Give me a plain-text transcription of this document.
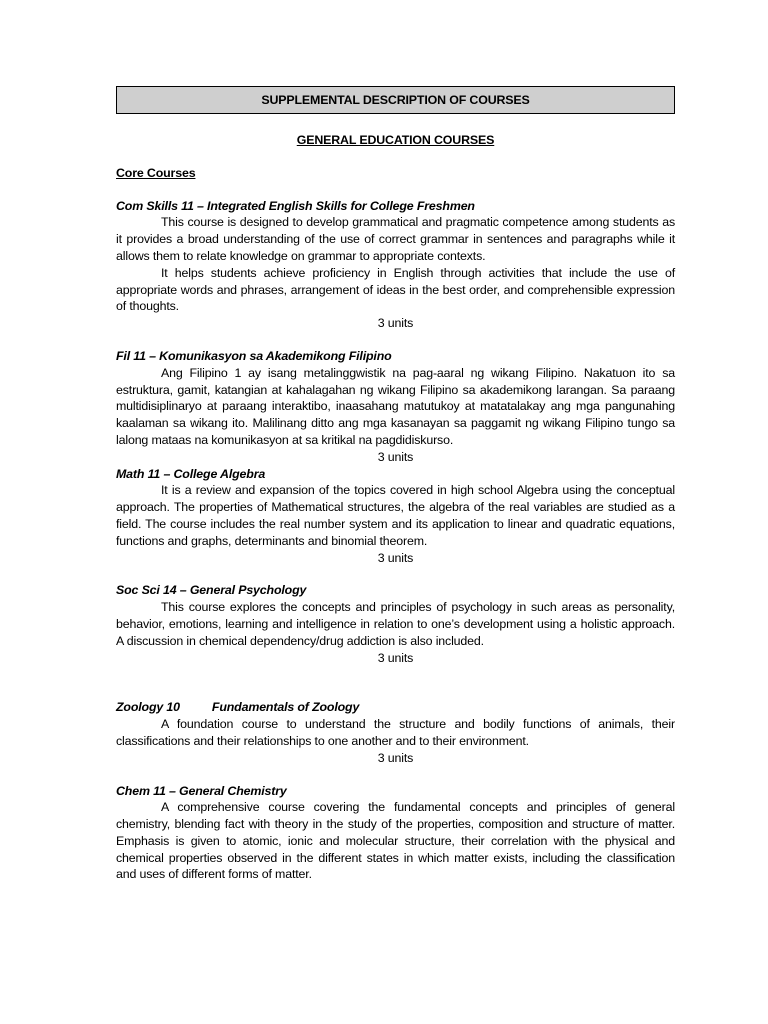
SUPPLEMENTAL DESCRIPTION OF COURSES
GENERAL EDUCATION COURSES
Core Courses
Com Skills 11 – Integrated English Skills for College Freshmen

This course is designed to develop grammatical and pragmatic competence among students as it provides a broad understanding of the use of correct grammar in sentences and paragraphs while it allows them to relate knowledge on grammar to appropriate contexts.

It helps students achieve proficiency in English through activities that include the use of appropriate words and phrases, arrangement of ideas in the best order, and comprehensible expression of thoughts.

3 units

Fil 11 – Komunikasyon sa Akademikong Filipino

Ang Filipino 1 ay isang metalinggwistik na pag-aaral ng wikang Filipino. Nakatuon ito sa estruktura, gamit, katangian at kahalagahan ng wikang Filipino sa akademikong larangan. Sa paraang multidisiplinaryo at paraang interaktibo, inaasahang matutukoy at matatalakay ang mga pangunahing kaalaman sa wikang ito. Malilinang ditto ang mga kasanayan sa paggamit ng wikang Filipino tungo sa lalong mataas na komunikasyon at sa kritikal na pagdidiskurso.

3 units

Math 11 – College Algebra

It is a review and expansion of the topics covered in high school Algebra using the conceptual approach. The properties of Mathematical structures, the algebra of the real variables are studied as a field. The course includes the real number system and its application to linear and quadratic equations, functions and graphs, determinants and binomial theorem.

3 units

Soc Sci 14 – General Psychology

This course explores the concepts and principles of psychology in such areas as personality, behavior, emotions, learning and intelligence in relation to one’s development using a holistic approach. A discussion in chemical dependency/drug addiction is also included.

3 units

Zoology 10	Fundamentals of Zoology

A foundation course to understand the structure and bodily functions of animals, their classifications and their relationships to one another and to their environment.

3 units

Chem 11 – General Chemistry

A comprehensive course covering the fundamental concepts and principles of general chemistry, blending fact with theory in the study of the properties, composition and structure of matter. Emphasis is given to atomic, ionic and molecular structure, their correlation with the physical and chemical properties observed in the different states in which matter exists, including the classification and uses of different forms of matter.
